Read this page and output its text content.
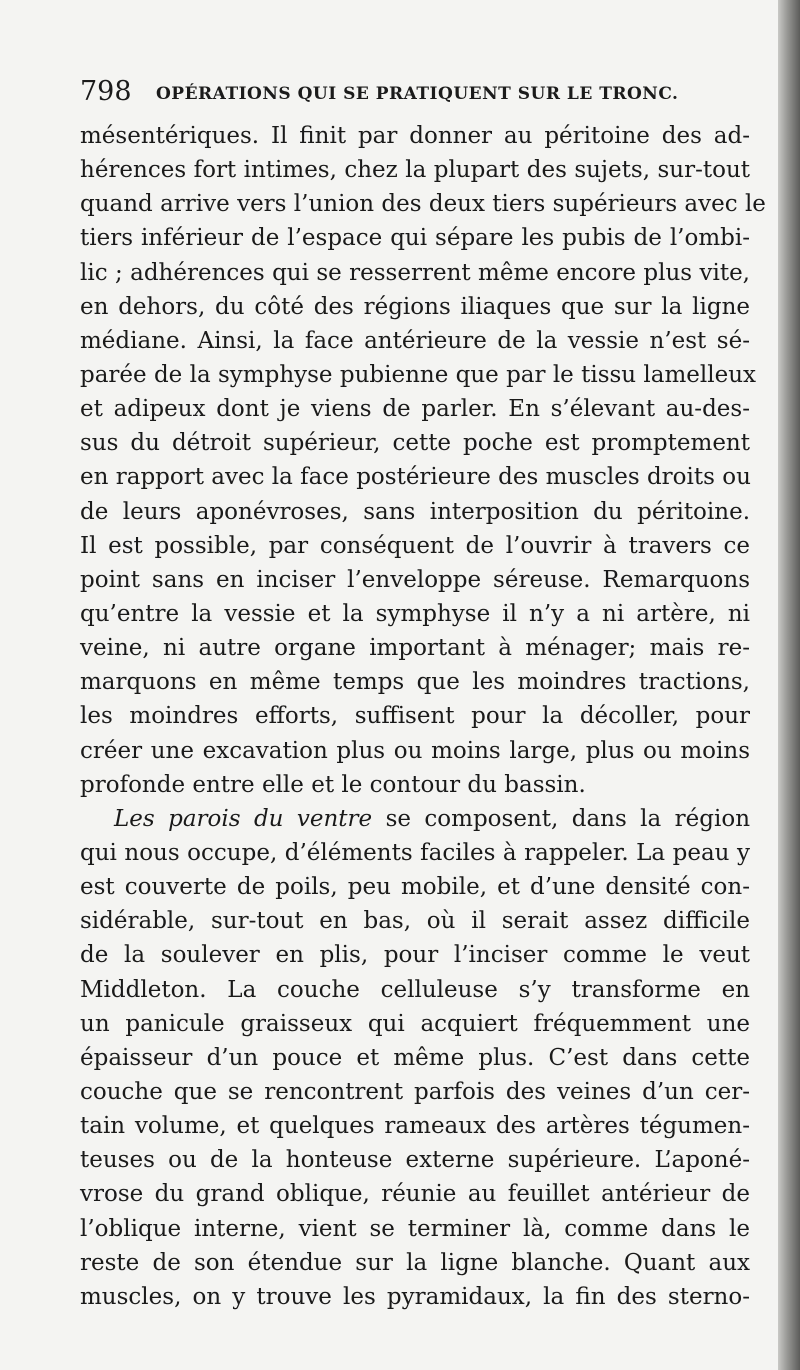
798 OPÉRATIONS QUI SE PRATIQUENT SUR LE TRONC.
mésentériques. Il finit par donner au péritoine des ad-
hérences fort intimes, chez la plupart des sujets, sur-tout
quand arrive vers l’union des deux tiers supérieurs avec le
tiers inférieur de l’espace qui sépare les pubis de l’ombi-
lic ; adhérences qui se resserrent même encore plus vite,
en dehors, du côté des régions iliaques que sur la ligne
médiane. Ainsi, la face antérieure de la vessie n’est sé-
parée de la symphyse pubienne que par le tissu lamelleux
et adipeux dont je viens de parler. En s’élevant au-des-
sus du détroit supérieur, cette poche est promptement
en rapport avec la face postérieure des muscles droits ou
de leurs aponévroses, sans interposition du péritoine.
Il est possible, par conséquent de l’ouvrir à travers ce
point sans en inciser l’enveloppe séreuse. Remarquons
qu’entre la vessie et la symphyse il n’y a ni artère, ni
veine, ni autre organe important à ménager; mais re-
marquons en même temps que les moindres tractions,
les moindres efforts, suffisent pour la décoller, pour
créer une excavation plus ou moins large, plus ou moins
profonde entre elle et le contour du bassin.
Les parois du ventre se composent, dans la région
qui nous occupe, d’éléments faciles à rappeler. La peau y
est couverte de poils, peu mobile, et d’une densité con-
sidérable, sur-tout en bas, où il serait assez difficile
de la soulever en plis, pour l’inciser comme le veut
Middleton. La couche celluleuse s’y transforme en
un panicule graisseux qui acquiert fréquemment une
épaisseur d’un pouce et même plus. C’est dans cette
couche que se rencontrent parfois des veines d’un cer-
tain volume, et quelques rameaux des artères tégumen-
teuses ou de la honteuse externe supérieure. L’aponé-
vrose du grand oblique, réunie au feuillet antérieur de
l’oblique interne, vient se terminer là, comme dans le
reste de son étendue sur la ligne blanche. Quant aux
muscles, on y trouve les pyramidaux, la fin des sterno-
